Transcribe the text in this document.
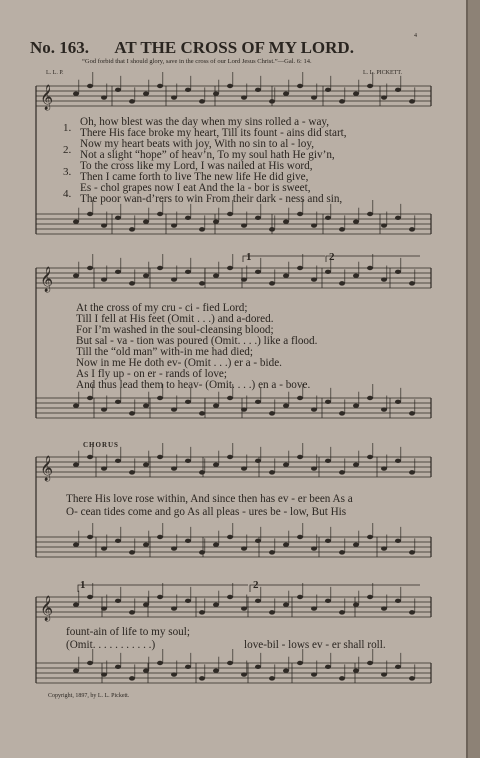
𝄞
𝄞
𝄞
𝄞
4
No. 163. AT THE CROSS OF MY LORD.
“God forbid that I should glory, save in the cross of our Lord Jesus Christ.”—Gal. 6: 14.
L. L. P.	L. L. PICKETT.
1.
2.
3.
4.
Oh, how blest was the day when my sins rolled a - way,
There His face broke my heart, Till its fount - ains did start,
Now my heart beats with joy, With no sin to al - loy,
Not a slight “hope” of heav’n, To my soul hath He giv’n,
To the cross like my Lord, I was nailed at His word,
Then I came forth to live The new life He did give,
Es - chol grapes now I eat And the la - bor is sweet,
The poor wan-d’rers to win From their dark - ness and sin,
At the cross of my cru - ci - fied Lord;
Till I fell at His feet (Omit . . .) and a-dored.
For I’m washed in the soul-cleansing blood;
But sal - va - tion was poured (Omit. . . .) like a flood.
Till the “old man” with-in me had died;
Now in me He doth ev- (Omit . . .) er a - bide.
As I fly up - on er - rands of love;
And thus lead them to heav- (Omit. . . .) en a - bove.
1	2
CHORUS
There His love rose within, And since then has ev - er been As a
O- cean tides come and go As all pleas - ures be - low, But His
1	2
fount-ain of life to my soul;
(Omit. . . . . . . . . . .)	love-bil - lows ev - er shall roll.
Copyright, 1897, by L. L. Pickett.
